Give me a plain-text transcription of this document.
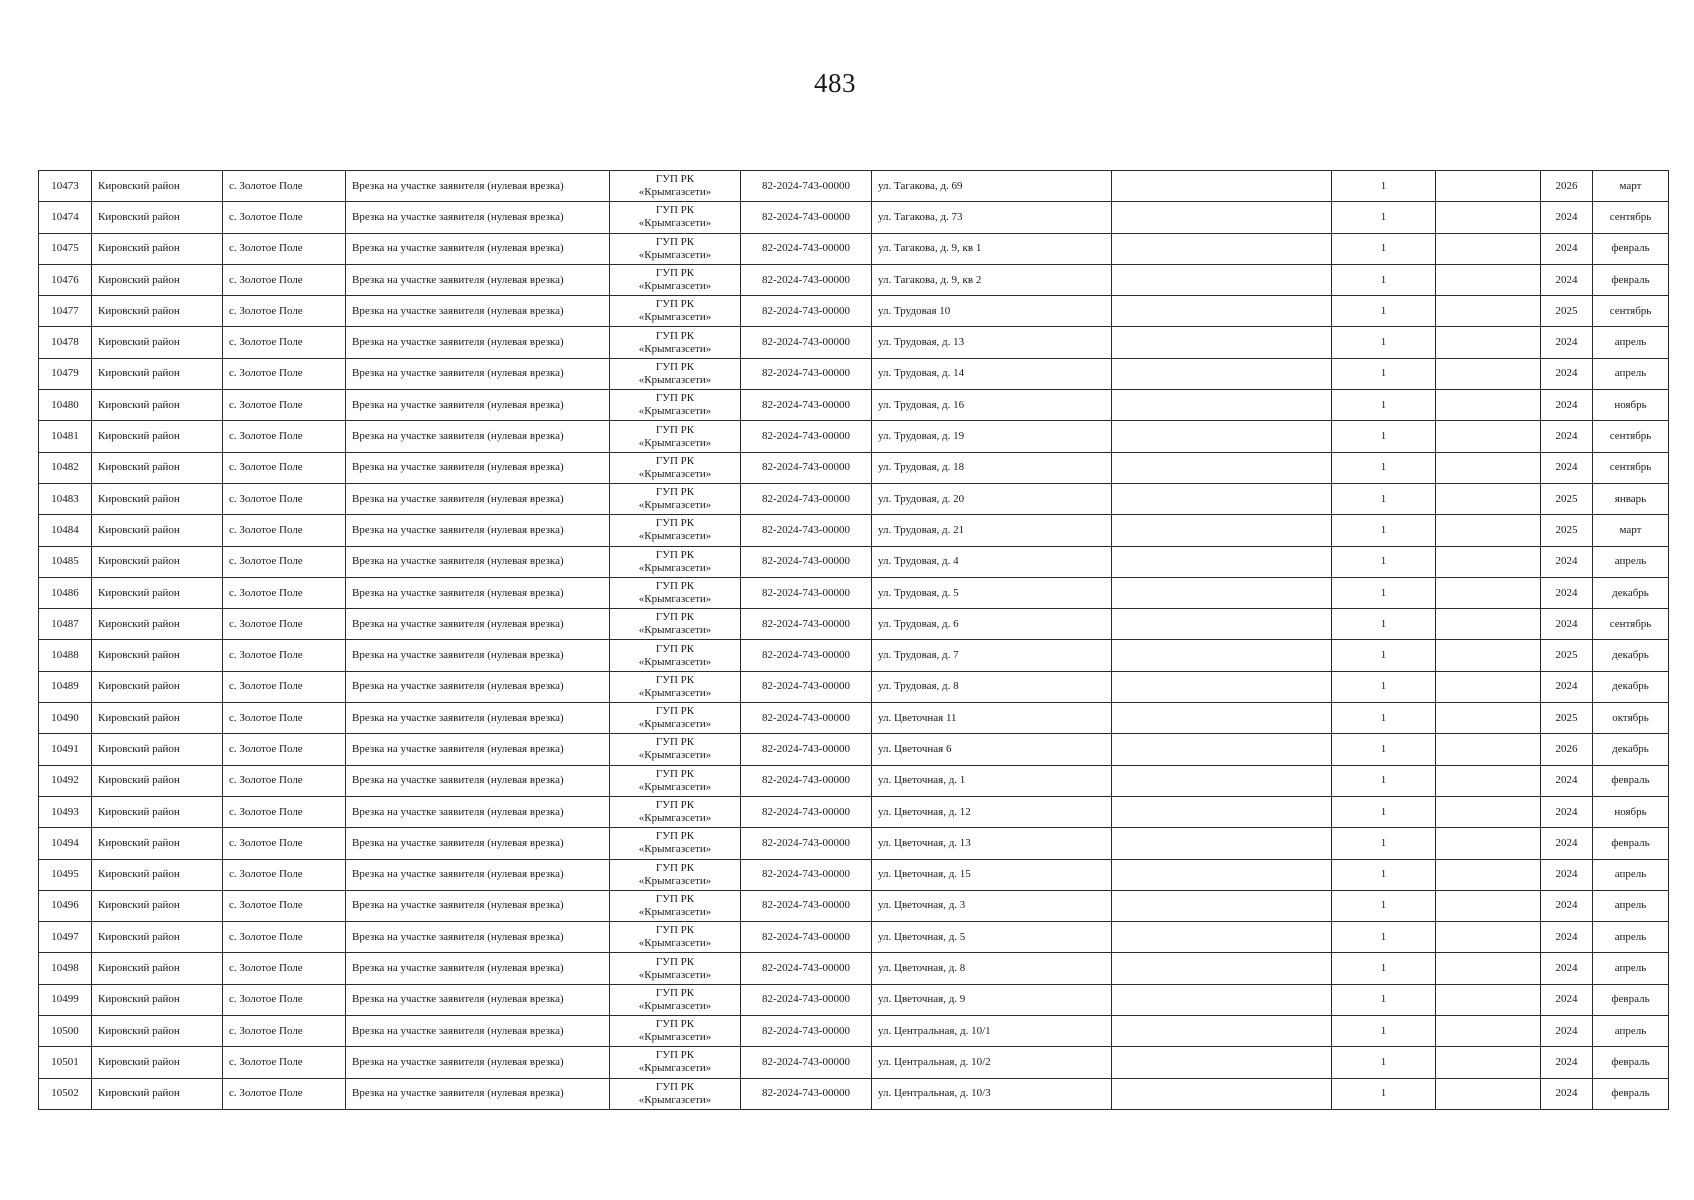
483
10473	Кировский район	с. Золотое Поле	Врезка на участке заявителя (нулевая врезка)	ГУП РК
«Крымгазсети»	82-2024-743-00000	ул. Тагакова, д. 69		1		2026	март
10474	Кировский район	с. Золотое Поле	Врезка на участке заявителя (нулевая врезка)	ГУП РК
«Крымгазсети»	82-2024-743-00000	ул. Тагакова, д. 73		1		2024	сентябрь
10475	Кировский район	с. Золотое Поле	Врезка на участке заявителя (нулевая врезка)	ГУП РК
«Крымгазсети»	82-2024-743-00000	ул. Тагакова, д. 9, кв 1		1		2024	февраль
10476	Кировский район	с. Золотое Поле	Врезка на участке заявителя (нулевая врезка)	ГУП РК
«Крымгазсети»	82-2024-743-00000	ул. Тагакова, д. 9, кв 2		1		2024	февраль
10477	Кировский район	с. Золотое Поле	Врезка на участке заявителя (нулевая врезка)	ГУП РК
«Крымгазсети»	82-2024-743-00000	ул. Трудовая 10		1		2025	сентябрь
10478	Кировский район	с. Золотое Поле	Врезка на участке заявителя (нулевая врезка)	ГУП РК
«Крымгазсети»	82-2024-743-00000	ул. Трудовая, д. 13		1		2024	апрель
10479	Кировский район	с. Золотое Поле	Врезка на участке заявителя (нулевая врезка)	ГУП РК
«Крымгазсети»	82-2024-743-00000	ул. Трудовая, д. 14		1		2024	апрель
10480	Кировский район	с. Золотое Поле	Врезка на участке заявителя (нулевая врезка)	ГУП РК
«Крымгазсети»	82-2024-743-00000	ул. Трудовая, д. 16		1		2024	ноябрь
10481	Кировский район	с. Золотое Поле	Врезка на участке заявителя (нулевая врезка)	ГУП РК
«Крымгазсети»	82-2024-743-00000	ул. Трудовая, д. 19		1		2024	сентябрь
10482	Кировский район	с. Золотое Поле	Врезка на участке заявителя (нулевая врезка)	ГУП РК
«Крымгазсети»	82-2024-743-00000	ул. Трудовая, д. 18		1		2024	сентябрь
10483	Кировский район	с. Золотое Поле	Врезка на участке заявителя (нулевая врезка)	ГУП РК
«Крымгазсети»	82-2024-743-00000	ул. Трудовая, д. 20		1		2025	январь
10484	Кировский район	с. Золотое Поле	Врезка на участке заявителя (нулевая врезка)	ГУП РК
«Крымгазсети»	82-2024-743-00000	ул. Трудовая, д. 21		1		2025	март
10485	Кировский район	с. Золотое Поле	Врезка на участке заявителя (нулевая врезка)	ГУП РК
«Крымгазсети»	82-2024-743-00000	ул. Трудовая, д. 4		1		2024	апрель
10486	Кировский район	с. Золотое Поле	Врезка на участке заявителя (нулевая врезка)	ГУП РК
«Крымгазсети»	82-2024-743-00000	ул. Трудовая, д. 5		1		2024	декабрь
10487	Кировский район	с. Золотое Поле	Врезка на участке заявителя (нулевая врезка)	ГУП РК
«Крымгазсети»	82-2024-743-00000	ул. Трудовая, д. 6		1		2024	сентябрь
10488	Кировский район	с. Золотое Поле	Врезка на участке заявителя (нулевая врезка)	ГУП РК
«Крымгазсети»	82-2024-743-00000	ул. Трудовая, д. 7		1		2025	декабрь
10489	Кировский район	с. Золотое Поле	Врезка на участке заявителя (нулевая врезка)	ГУП РК
«Крымгазсети»	82-2024-743-00000	ул. Трудовая, д. 8		1		2024	декабрь
10490	Кировский район	с. Золотое Поле	Врезка на участке заявителя (нулевая врезка)	ГУП РК
«Крымгазсети»	82-2024-743-00000	ул. Цветочная 11		1		2025	октябрь
10491	Кировский район	с. Золотое Поле	Врезка на участке заявителя (нулевая врезка)	ГУП РК
«Крымгазсети»	82-2024-743-00000	ул. Цветочная 6		1		2026	декабрь
10492	Кировский район	с. Золотое Поле	Врезка на участке заявителя (нулевая врезка)	ГУП РК
«Крымгазсети»	82-2024-743-00000	ул. Цветочная, д. 1		1		2024	февраль
10493	Кировский район	с. Золотое Поле	Врезка на участке заявителя (нулевая врезка)	ГУП РК
«Крымгазсети»	82-2024-743-00000	ул. Цветочная, д. 12		1		2024	ноябрь
10494	Кировский район	с. Золотое Поле	Врезка на участке заявителя (нулевая врезка)	ГУП РК
«Крымгазсети»	82-2024-743-00000	ул. Цветочная, д. 13		1		2024	февраль
10495	Кировский район	с. Золотое Поле	Врезка на участке заявителя (нулевая врезка)	ГУП РК
«Крымгазсети»	82-2024-743-00000	ул. Цветочная, д. 15		1		2024	апрель
10496	Кировский район	с. Золотое Поле	Врезка на участке заявителя (нулевая врезка)	ГУП РК
«Крымгазсети»	82-2024-743-00000	ул. Цветочная, д. 3		1		2024	апрель
10497	Кировский район	с. Золотое Поле	Врезка на участке заявителя (нулевая врезка)	ГУП РК
«Крымгазсети»	82-2024-743-00000	ул. Цветочная, д. 5		1		2024	апрель
10498	Кировский район	с. Золотое Поле	Врезка на участке заявителя (нулевая врезка)	ГУП РК
«Крымгазсети»	82-2024-743-00000	ул. Цветочная, д. 8		1		2024	апрель
10499	Кировский район	с. Золотое Поле	Врезка на участке заявителя (нулевая врезка)	ГУП РК
«Крымгазсети»	82-2024-743-00000	ул. Цветочная, д. 9		1		2024	февраль
10500	Кировский район	с. Золотое Поле	Врезка на участке заявителя (нулевая врезка)	ГУП РК
«Крымгазсети»	82-2024-743-00000	ул. Центральная, д. 10/1		1		2024	апрель
10501	Кировский район	с. Золотое Поле	Врезка на участке заявителя (нулевая врезка)	ГУП РК
«Крымгазсети»	82-2024-743-00000	ул. Центральная, д. 10/2		1		2024	февраль
10502	Кировский район	с. Золотое Поле	Врезка на участке заявителя (нулевая врезка)	ГУП РК
«Крымгазсети»	82-2024-743-00000	ул. Центральная, д. 10/3		1		2024	февраль
